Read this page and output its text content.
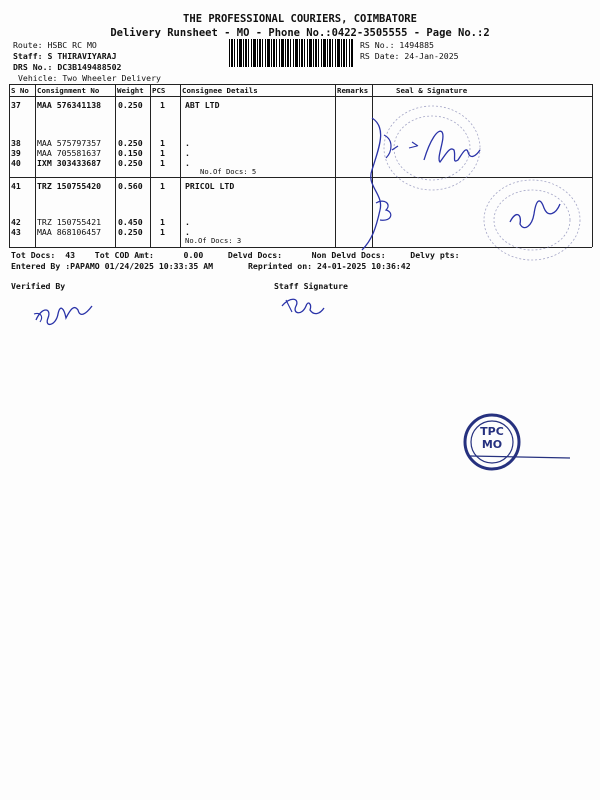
THE PROFESSIONAL COURIERS, COIMBATORE
Delivery Runsheet - MO - Phone No.:0422-3505555 - Page No.:2
Route: HSBC RC MO
Staff: S THIRAVIYARAJ
DRS No.: DC3B149488502
Vehicle: Two Wheeler Delivery
RS No.: 1494885
RS Date: 24-Jan-2025
S No Consignment No Weight PCS Consignee Details	Remarks	Seal & Signature
37 MAA 576341138 0.250 1 ABT LTD
38 MAA 575797357 0.250 1 .
39 MAA 705581637 0.150 1 .
40 IXM 303433687 0.250 1 .
No.Of Docs: 5
41 TRZ 150755420 0.560 1 PRICOL LTD
42 TRZ 150755421 0.450 1 .
43 MAA 868106457 0.250 1 .
No.Of Docs: 3
Tot Docs:  43    Tot COD Amt:      0.00     Delvd Docs:      Non Delvd Docs:     Delvy pts:
Entered By :PAPAMO 01/24/2025 10:33:35 AM	Reprinted on: 24-01-2025 10:36:42
Verified By	Staff Signature
TPC
MO
